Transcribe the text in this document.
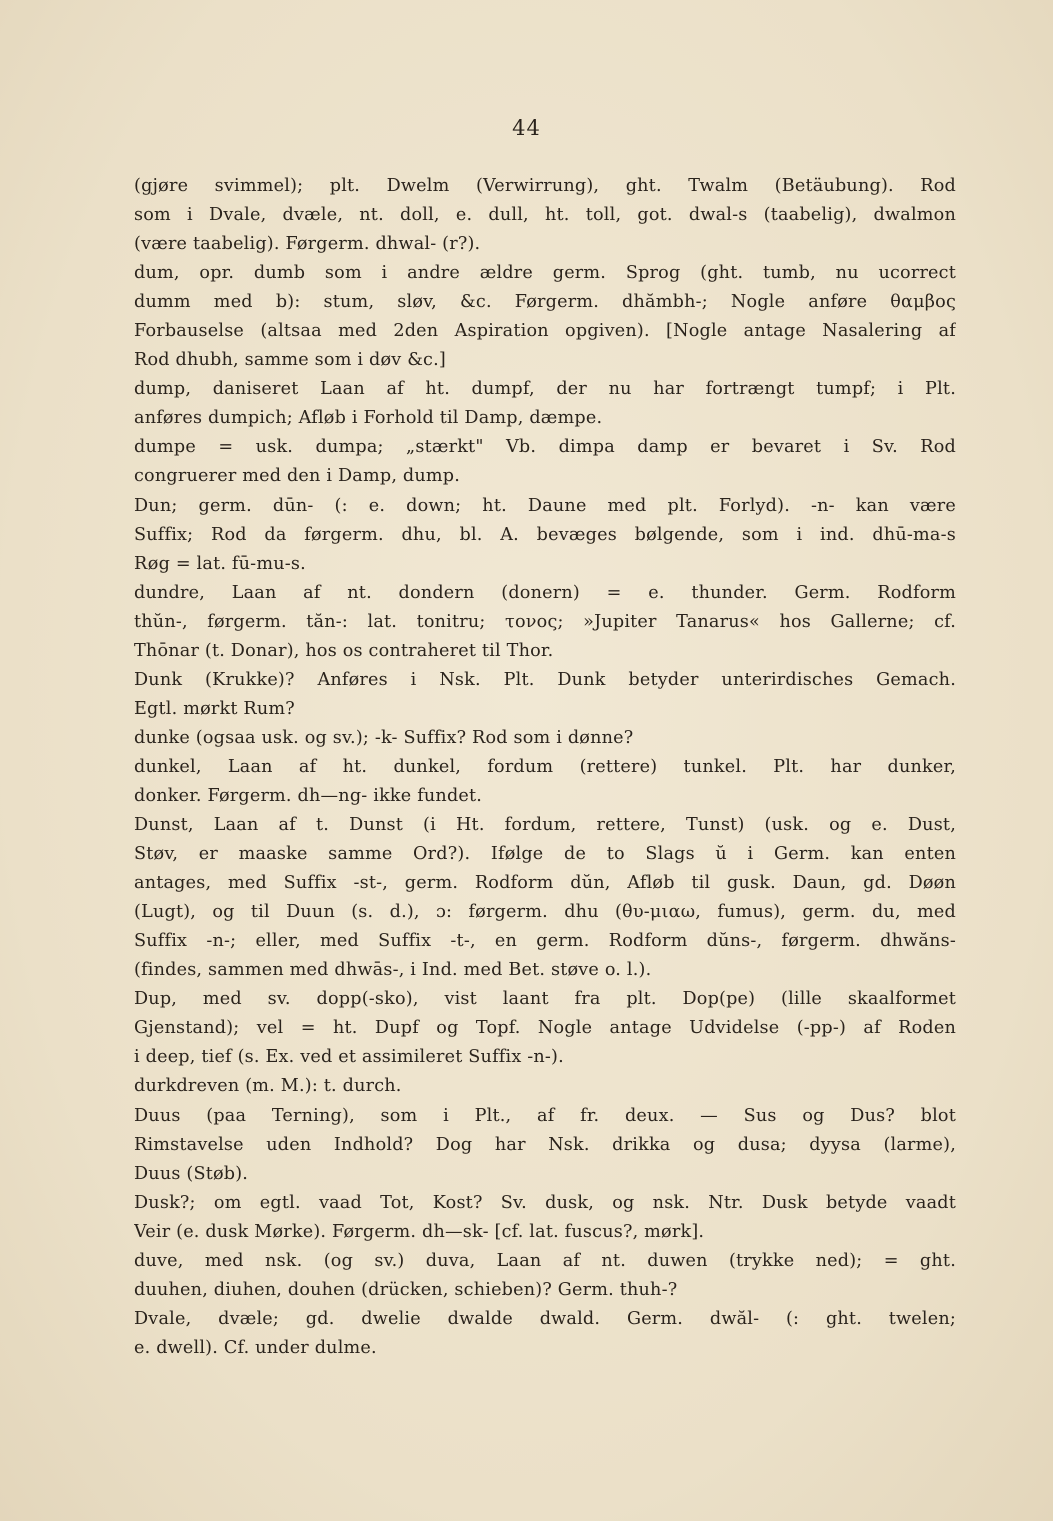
44
(gjøre svimmel); plt. Dwelm (Verwirrung), ght. Twalm (Betäubung). Rod
som i Dvale, dvæle, nt. doll, e. dull, ht. toll, got. dwal-s (taabelig), dwalmon
(være taabelig). Førgerm. dhwal- (r?).
dum, opr. dumb som i andre ældre germ. Sprog (ght. tumb, nu ucorrect
dumm med b): stum, sløv, &c. Førgerm. dhămbh-; Nogle anføre θαμβος
Forbauselse (altsaa med 2den Aspiration opgiven). [Nogle antage Nasalering af
Rod dhubh, samme som i døv &c.]
dump, daniseret Laan af ht. dumpf, der nu har fortrængt tumpf; i Plt.
anføres dumpich; Afløb i Forhold til Damp, dæmpe.
dumpe = usk. dumpa; „stærkt" Vb. dimpa damp er bevaret i Sv. Rod
congruerer med den i Damp, dump.
Dun; germ. dūn- (: e. down; ht. Daune med plt. Forlyd). -n- kan være
Suffix; Rod da førgerm. dhu, bl. A. bevæges bølgende, som i ind. dhū-ma-s
Røg = lat. fū-mu-s.
dundre, Laan af nt. dondern (donern) = e. thunder. Germ. Rodform
thŭn-, førgerm. tăn-: lat. tonitru; τονος; »Jupiter Tanarus« hos Gallerne; cf.
Thōnar (t. Donar), hos os contraheret til Thor.
Dunk (Krukke)? Anføres i Nsk. Plt. Dunk betyder unterirdisches Gemach.
Egtl. mørkt Rum?
dunke (ogsaa usk. og sv.); -k- Suffix? Rod som i dønne?
dunkel, Laan af ht. dunkel, fordum (rettere) tunkel. Plt. har dunker,
donker. Førgerm. dh—ng- ikke fundet.
Dunst, Laan af t. Dunst (i Ht. fordum, rettere, Tunst) (usk. og e. Dust,
Støv, er maaske samme Ord?). Ifølge de to Slags ŭ i Germ. kan enten
antages, med Suffix -st-, germ. Rodform dŭn, Afløb til gusk. Daun, gd. Døøn
(Lugt), og til Duun (s. d.), ɔ: førgerm. dhu (θυ-μιαω, fumus), germ. du, med
Suffix -n-; eller, med Suffix -t-, en germ. Rodform dŭns-, førgerm. dhwăns-
(findes, sammen med dhwās-, i Ind. med Bet. støve o. l.).
Dup, med sv. dopp(-sko), vist laant fra plt. Dop(pe) (lille skaalformet
Gjenstand); vel = ht. Dupf og Topf. Nogle antage Udvidelse (-pp-) af Roden
i deep, tief (s. Ex. ved et assimileret Suffix -n-).
durkdreven (m. M.): t. durch.
Duus (paa Terning), som i Plt., af fr. deux. — Sus og Dus? blot
Rimstavelse uden Indhold? Dog har Nsk. drikka og dusa; dyysa (larme),
Duus (Støb).
Dusk?; om egtl. vaad Tot, Kost? Sv. dusk, og nsk. Ntr. Dusk betyde vaadt
Veir (e. dusk Mørke). Førgerm. dh—sk- [cf. lat. fuscus?, mørk].
duve, med nsk. (og sv.) duva, Laan af nt. duwen (trykke ned); = ght.
duuhen, diuhen, douhen (drücken, schieben)? Germ. thuh-?
Dvale, dvæle; gd. dwelie dwalde dwald. Germ. dwăl- (: ght. twelen;
e. dwell). Cf. under dulme.
